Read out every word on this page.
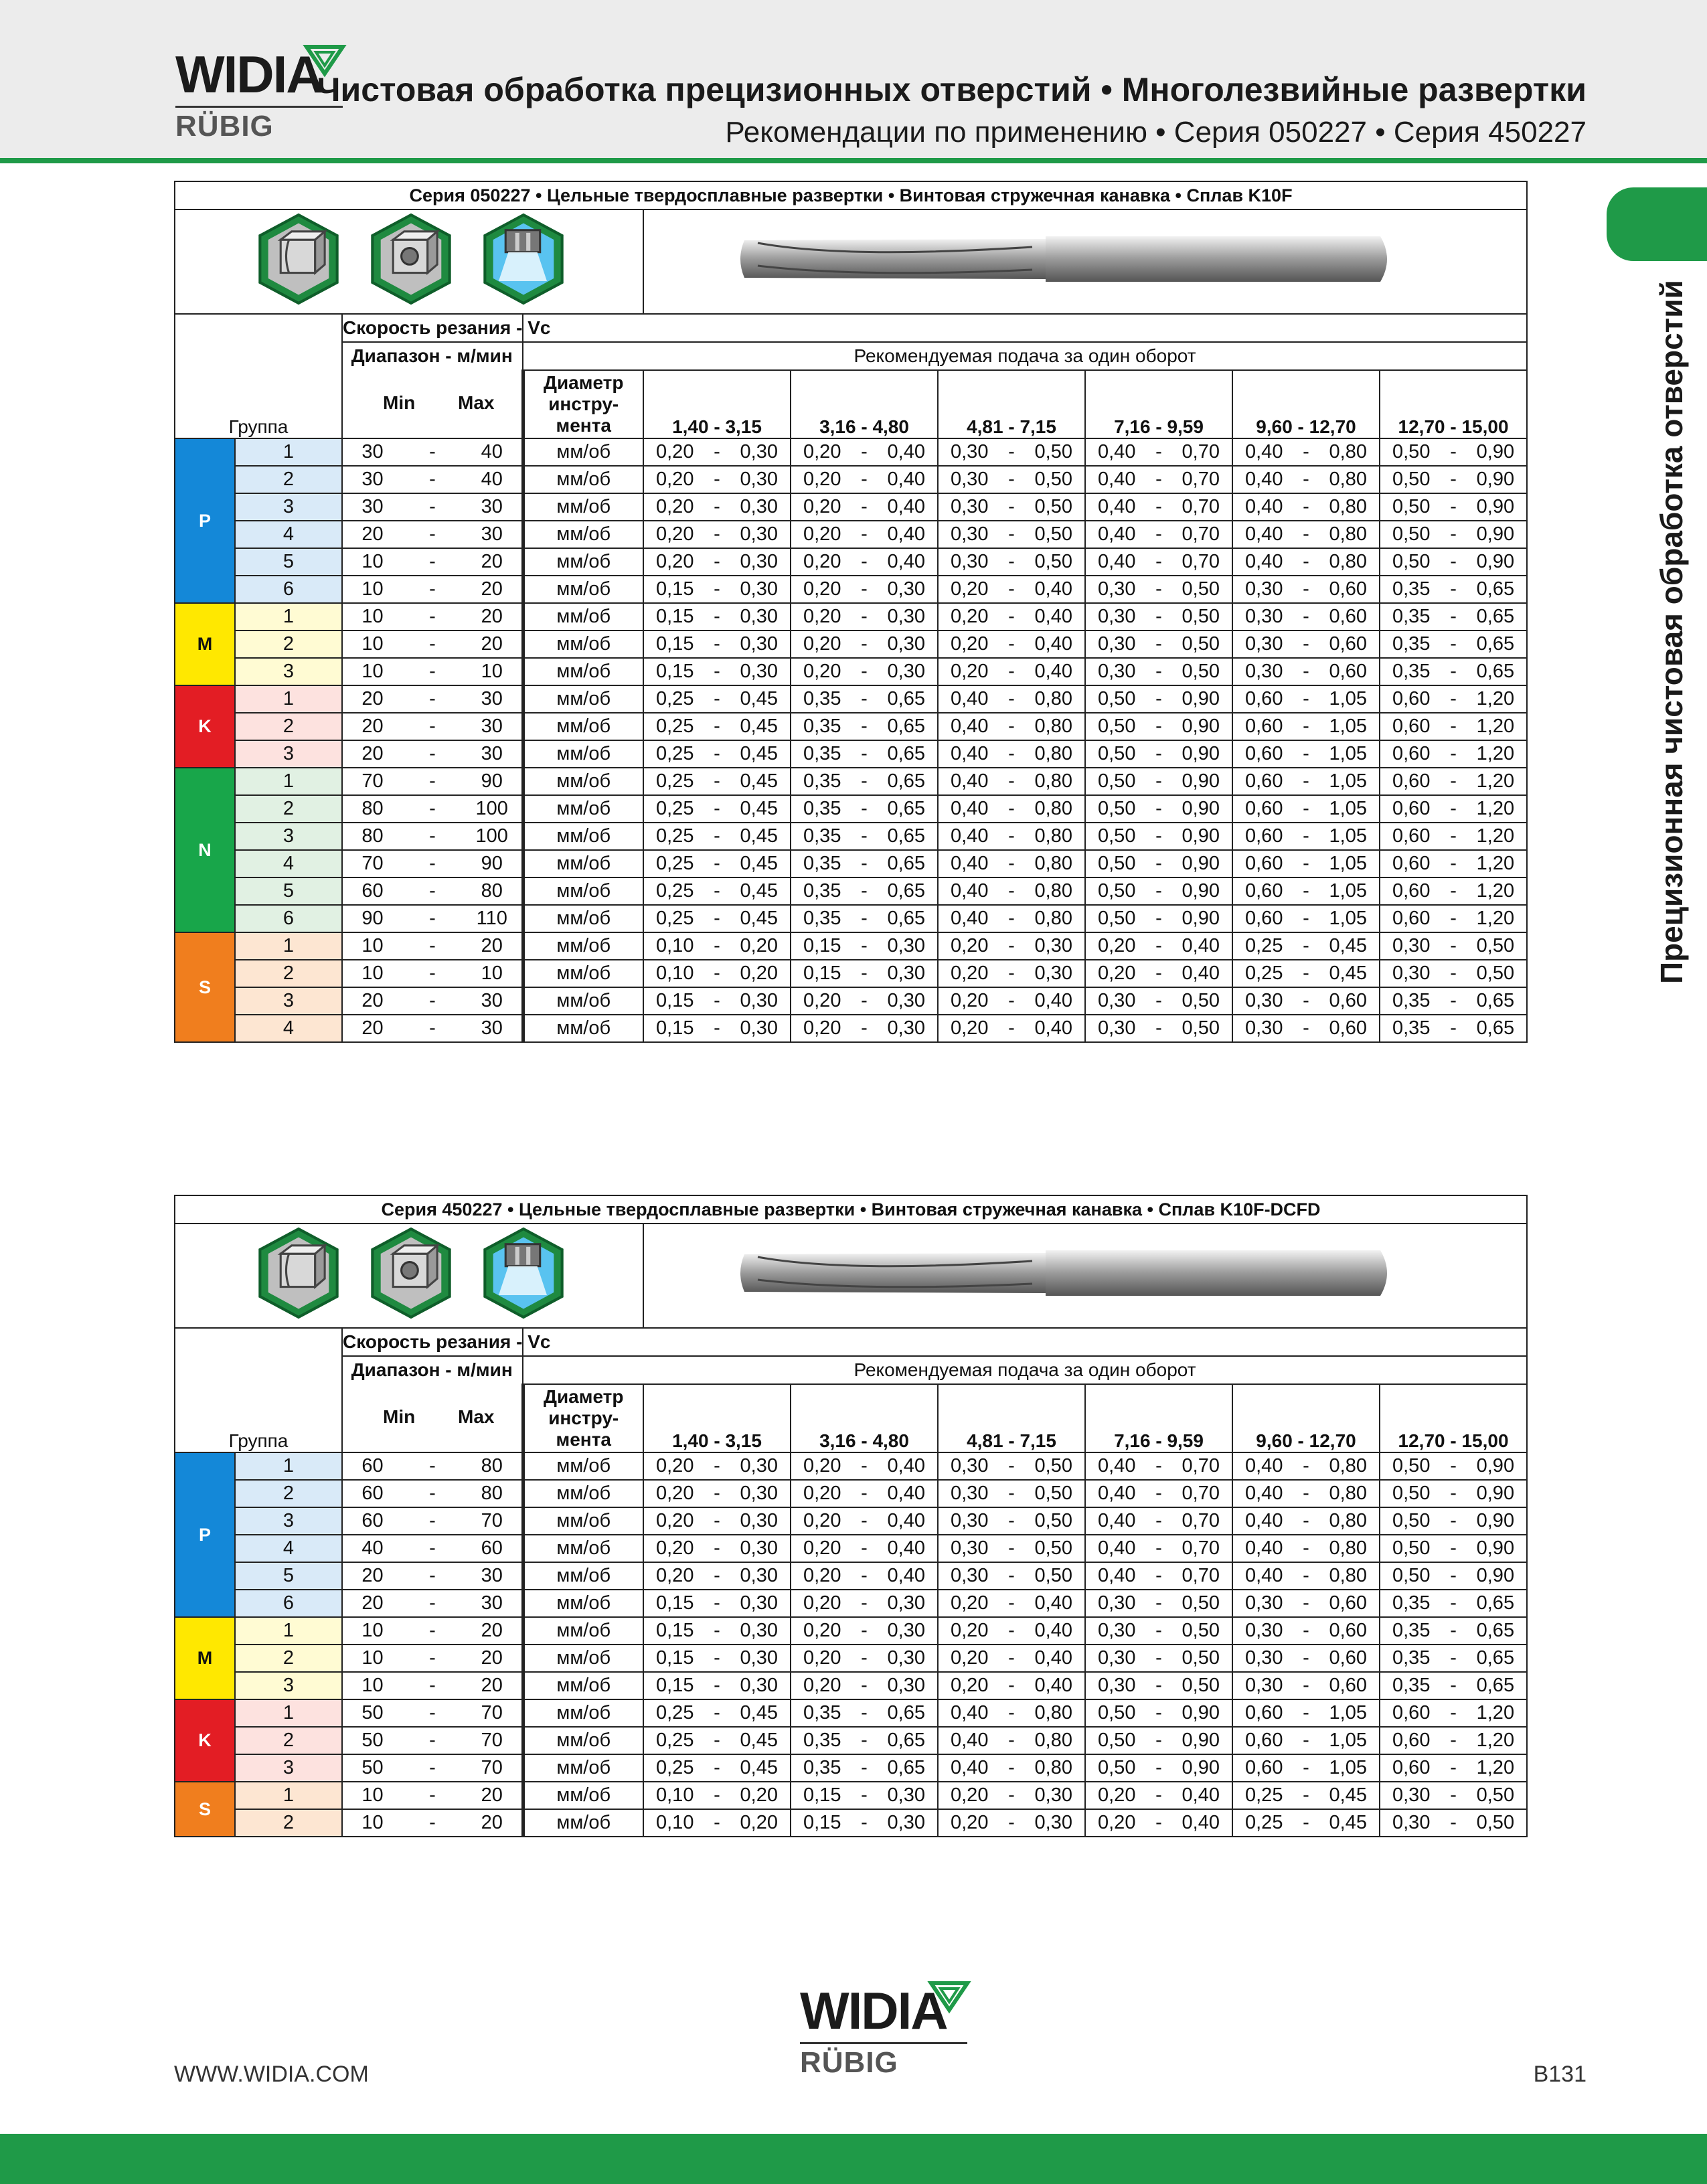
WIDIA
RÜBIG
Чистовая обработка прецизионных отверстий • Многолезвийные развертки
Рекомендации по применению • Серия 050227 • Серия 450227
Прецизионная чистовая обработка отверстий
Серия 050227 • Цельные твердосплавные развертки • Винтовая стружечная канавка • Сплав K10F											

Группа		Скорость резания - Vc									

		Диапазон - м/мин
Min Max			Рекомендуемая подача за один оборот						
					Диаметр инстру-мента	1,40 - 3,15	3,16 - 4,80	4,81 - 7,15	7,16 - 9,59	9,60 - 12,70	12,70 - 15,00
P	1	30	-	40	мм/об	0,20 - 0,30	0,20 - 0,40	0,30 - 0,50	0,40 - 0,70	0,40 - 0,80	0,50 - 0,90

	2	30	-	40	мм/об	0,20 - 0,30	0,20 - 0,40	0,30 - 0,50	0,40 - 0,70	0,40 - 0,80	0,50 - 0,90

	3	30	-	30	мм/об	0,20 - 0,30	0,20 - 0,40	0,30 - 0,50	0,40 - 0,70	0,40 - 0,80	0,50 - 0,90

	4	20	-	30	мм/об	0,20 - 0,30	0,20 - 0,40	0,30 - 0,50	0,40 - 0,70	0,40 - 0,80	0,50 - 0,90

	5	10	-	20	мм/об	0,20 - 0,30	0,20 - 0,40	0,30 - 0,50	0,40 - 0,70	0,40 - 0,80	0,50 - 0,90

	6	10	-	20	мм/об	0,15 - 0,30	0,20 - 0,30	0,20 - 0,40	0,30 - 0,50	0,30 - 0,60	0,35 - 0,65

M	1	10	-	20	мм/об	0,15 - 0,30	0,20 - 0,30	0,20 - 0,40	0,30 - 0,50	0,30 - 0,60	0,35 - 0,65

	2	10	-	20	мм/об	0,15 - 0,30	0,20 - 0,30	0,20 - 0,40	0,30 - 0,50	0,30 - 0,60	0,35 - 0,65

	3	10	-	10	мм/об	0,15 - 0,30	0,20 - 0,30	0,20 - 0,40	0,30 - 0,50	0,30 - 0,60	0,35 - 0,65

K	1	20	-	30	мм/об	0,25 - 0,45	0,35 - 0,65	0,40 - 0,80	0,50 - 0,90	0,60 - 1,05	0,60 - 1,20

	2	20	-	30	мм/об	0,25 - 0,45	0,35 - 0,65	0,40 - 0,80	0,50 - 0,90	0,60 - 1,05	0,60 - 1,20

	3	20	-	30	мм/об	0,25 - 0,45	0,35 - 0,65	0,40 - 0,80	0,50 - 0,90	0,60 - 1,05	0,60 - 1,20

N	1	70	-	90	мм/об	0,25 - 0,45	0,35 - 0,65	0,40 - 0,80	0,50 - 0,90	0,60 - 1,05	0,60 - 1,20

	2	80	-	100	мм/об	0,25 - 0,45	0,35 - 0,65	0,40 - 0,80	0,50 - 0,90	0,60 - 1,05	0,60 - 1,20

	3	80	-	100	мм/об	0,25 - 0,45	0,35 - 0,65	0,40 - 0,80	0,50 - 0,90	0,60 - 1,05	0,60 - 1,20

	4	70	-	90	мм/об	0,25 - 0,45	0,35 - 0,65	0,40 - 0,80	0,50 - 0,90	0,60 - 1,05	0,60 - 1,20

	5	60	-	80	мм/об	0,25 - 0,45	0,35 - 0,65	0,40 - 0,80	0,50 - 0,90	0,60 - 1,05	0,60 - 1,20

	6	90	-	110	мм/об	0,25 - 0,45	0,35 - 0,65	0,40 - 0,80	0,50 - 0,90	0,60 - 1,05	0,60 - 1,20

S	1	10	-	20	мм/об	0,10 - 0,20	0,15 - 0,30	0,20 - 0,30	0,20 - 0,40	0,25 - 0,45	0,30 - 0,50

	2	10	-	10	мм/об	0,10 - 0,20	0,15 - 0,30	0,20 - 0,30	0,20 - 0,40	0,25 - 0,45	0,30 - 0,50

	3	20	-	30	мм/об	0,15 - 0,30	0,20 - 0,30	0,20 - 0,40	0,30 - 0,50	0,30 - 0,60	0,35 - 0,65

	4	20	-	30	мм/об	0,15 - 0,30	0,20 - 0,30	0,20 - 0,40	0,30 - 0,50	0,30 - 0,60	0,35 - 0,65
Серия 450227 • Цельные твердосплавные развертки • Винтовая стружечная канавка • Сплав K10F-DCFD											

Группа		Скорость резания - Vc									

		Диапазон - м/мин
Min Max			Рекомендуемая подача за один оборот						
					Диаметр инстру-мента	1,40 - 3,15	3,16 - 4,80	4,81 - 7,15	7,16 - 9,59	9,60 - 12,70	12,70 - 15,00
P	1	60	-	80	мм/об	0,20 - 0,30	0,20 - 0,40	0,30 - 0,50	0,40 - 0,70	0,40 - 0,80	0,50 - 0,90

	2	60	-	80	мм/об	0,20 - 0,30	0,20 - 0,40	0,30 - 0,50	0,40 - 0,70	0,40 - 0,80	0,50 - 0,90

	3	60	-	70	мм/об	0,20 - 0,30	0,20 - 0,40	0,30 - 0,50	0,40 - 0,70	0,40 - 0,80	0,50 - 0,90

	4	40	-	60	мм/об	0,20 - 0,30	0,20 - 0,40	0,30 - 0,50	0,40 - 0,70	0,40 - 0,80	0,50 - 0,90

	5	20	-	30	мм/об	0,20 - 0,30	0,20 - 0,40	0,30 - 0,50	0,40 - 0,70	0,40 - 0,80	0,50 - 0,90

	6	20	-	30	мм/об	0,15 - 0,30	0,20 - 0,30	0,20 - 0,40	0,30 - 0,50	0,30 - 0,60	0,35 - 0,65

M	1	10	-	20	мм/об	0,15 - 0,30	0,20 - 0,30	0,20 - 0,40	0,30 - 0,50	0,30 - 0,60	0,35 - 0,65

	2	10	-	20	мм/об	0,15 - 0,30	0,20 - 0,30	0,20 - 0,40	0,30 - 0,50	0,30 - 0,60	0,35 - 0,65

	3	10	-	20	мм/об	0,15 - 0,30	0,20 - 0,30	0,20 - 0,40	0,30 - 0,50	0,30 - 0,60	0,35 - 0,65

K	1	50	-	70	мм/об	0,25 - 0,45	0,35 - 0,65	0,40 - 0,80	0,50 - 0,90	0,60 - 1,05	0,60 - 1,20

	2	50	-	70	мм/об	0,25 - 0,45	0,35 - 0,65	0,40 - 0,80	0,50 - 0,90	0,60 - 1,05	0,60 - 1,20

	3	50	-	70	мм/об	0,25 - 0,45	0,35 - 0,65	0,40 - 0,80	0,50 - 0,90	0,60 - 1,05	0,60 - 1,20

S	1	10	-	20	мм/об	0,10 - 0,20	0,15 - 0,30	0,20 - 0,30	0,20 - 0,40	0,25 - 0,45	0,30 - 0,50

	2	10	-	20	мм/об	0,10 - 0,20	0,15 - 0,30	0,20 - 0,30	0,20 - 0,40	0,25 - 0,45	0,30 - 0,50
WIDIA
RÜBIG
WWW.WIDIA.COM	B131
